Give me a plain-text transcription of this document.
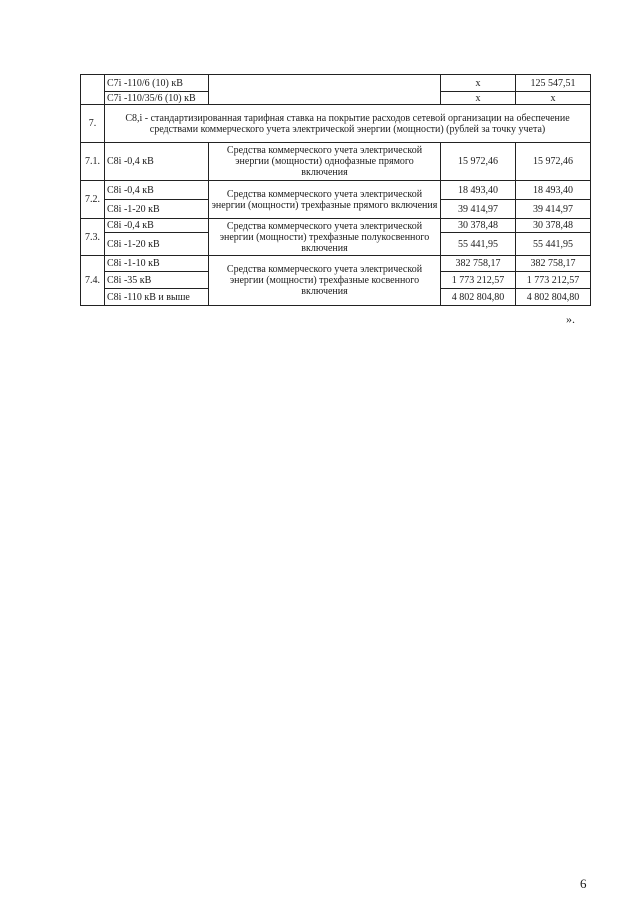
	С7i -110/6 (10) кВ		х	125 547,51
	С7i -110/35/6 (10) кВ		х	х
7.	С8,i - стандартизированная тарифная ставка на покрытие расходов сетевой организации на обеспечение средствами коммерческого учета электрической энергии (мощности) (рублей за точку учета)			
7.1.	С8i -0,4 кВ	Средства коммерческого учета электрической энергии (мощности) однофазные прямого включения	15 972,46	15 972,46
7.2.	С8i -0,4 кВ	Средства коммерческого учета электрической энергии (мощности) трехфазные прямого включения	18 493,40	18 493,40
	С8i -1-20 кВ		39 414,97	39 414,97
7.3.	С8i -0,4 кВ	Средства коммерческого учета электрической энергии (мощности) трехфазные полукосвенного включения	30 378,48	30 378,48
	С8i -1-20 кВ		55 441,95	55 441,95
7.4.	С8i -1-10 кВ	Средства коммерческого учета электрической энергии (мощности) трехфазные косвенного включения	382 758,17	382 758,17
	С8i -35 кВ		1 773 212,57	1 773 212,57
	С8i -110 кВ и выше		4 802 804,80	4 802 804,80
».
6
